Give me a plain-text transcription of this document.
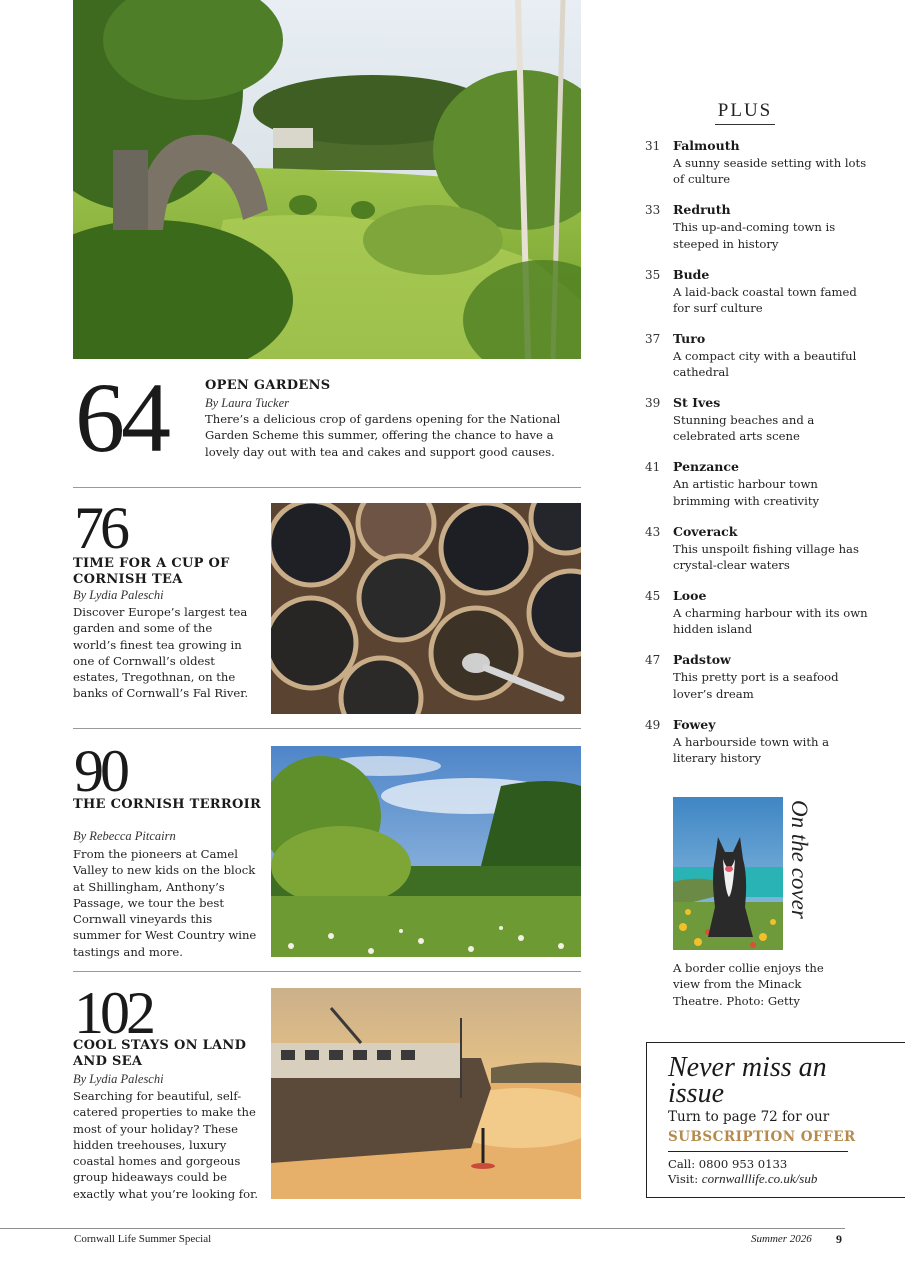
64	OPEN GARDENS
By Laura Tucker
There’s a delicious crop of gardens opening for the National Garden Scheme this summer, offering the chance to have a lovely day out with tea and cakes and support good causes.
76
TIME FOR A CUP OF CORNISH TEA
By Lydia Paleschi
Discover Europe’s largest tea garden and some of the world’s finest tea growing in one of Cornwall’s oldest estates, Tregothnan, on the banks of Cornwall’s Fal River.
90
THE CORNISH TERROIR
By Rebecca Pitcairn
From the pioneers at Camel Valley to new kids on the block at Shillingham, Anthony’s Passage, we tour the best Cornwall vineyards this summer for West Country wine tastings and more.
102
COOL STAYS ON LAND AND SEA
By Lydia Paleschi
Searching for beautiful, self-catered properties to make the most of your holiday? These hidden treehouses, luxury coastal homes and gorgeous group hideaways could be exactly what you’re looking for.
PLUS
31 Falmouth
A sunny seaside setting with lots of culture
33 Redruth
This up-and-coming town is steeped in history
35 Bude
A laid-back coastal town famed for surf culture
37 Turo
A compact city with a beautiful cathedral
39 St Ives
Stunning beaches and a celebrated arts scene
41 Penzance
An artistic harbour town brimming with creativity
43 Coverack
This unspoilt fishing village has crystal-clear waters
45 Looe
A charming harbour with its own hidden island
47 Padstow
This pretty port is a seafood lover’s dream
49 Fowey
A harbourside town with a literary history
On the cover
A border collie enjoys the view from the Minack Theatre. Photo: Getty
Never miss an issue
Turn to page 72 for our
SUBSCRIPTION OFFER
Call: 0800 953 0133
Visit: cornwalllife.co.uk/sub
Cornwall Life Summer Special	Summer 2026 9
